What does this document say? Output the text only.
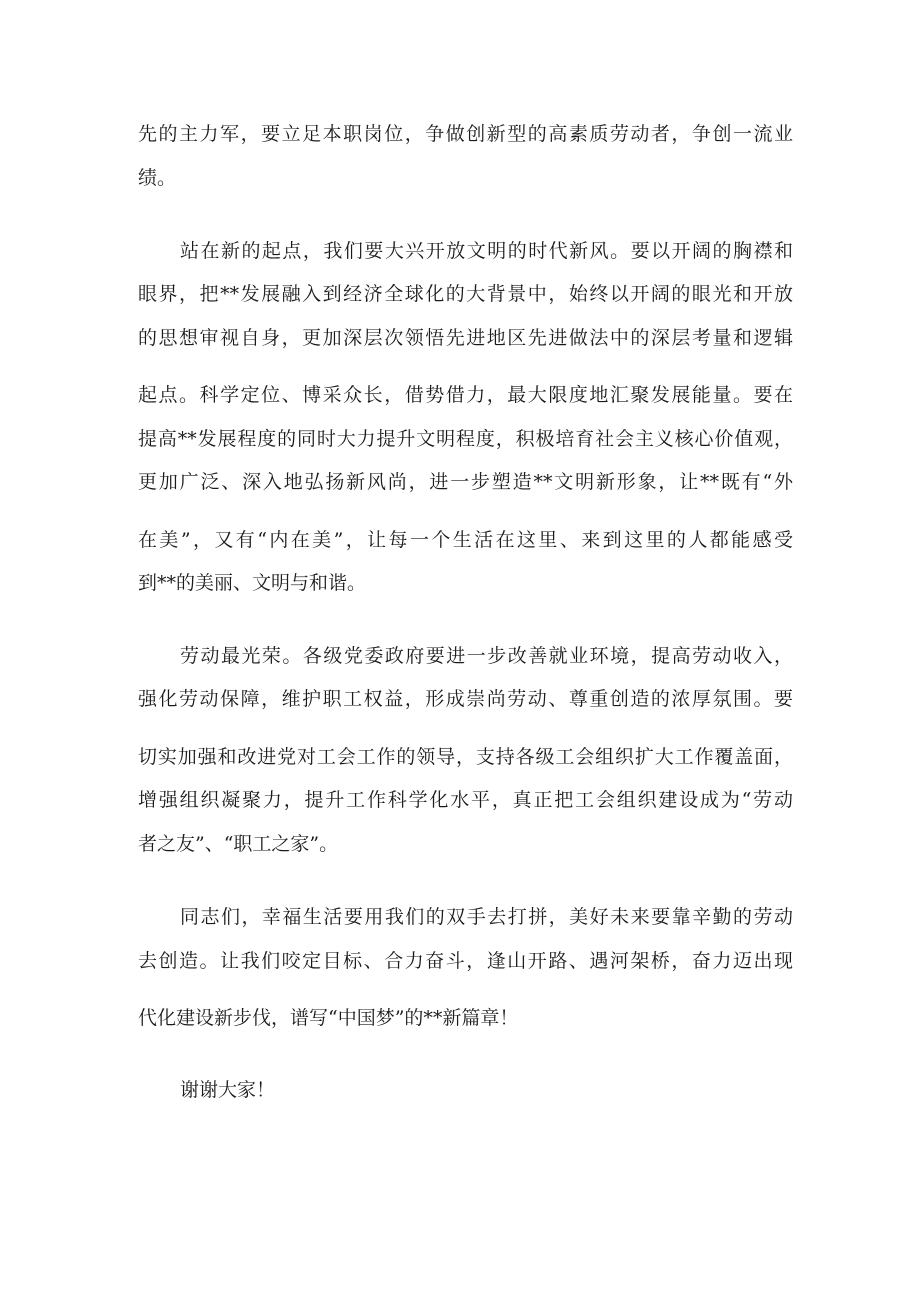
先的主力军，要立足本职岗位，争做创新型的高素质劳动者，争创一流业
绩。
站在新的起点，我们要大兴开放文明的时代新风。要以开阔的胸襟和
眼界，把**发展融入到经济全球化的大背景中，始终以开阔的眼光和开放
的思想审视自身，更加深层次领悟先进地区先进做法中的深层考量和逻辑
起点。科学定位、博采众长，借势借力，最大限度地汇聚发展能量。要在
提高**发展程度的同时大力提升文明程度，积极培育社会主义核心价值观，
更加广泛、深入地弘扬新风尚，进一步塑造**文明新形象，让**既有“外
在美”，又有“内在美”，让每一个生活在这里、来到这里的人都能感受
到**的美丽、文明与和谐。
劳动最光荣。各级党委政府要进一步改善就业环境，提高劳动收入，
强化劳动保障，维护职工权益，形成崇尚劳动、尊重创造的浓厚氛围。要
切实加强和改进党对工会工作的领导，支持各级工会组织扩大工作覆盖面，
增强组织凝聚力，提升工作科学化水平，真正把工会组织建设成为“劳动
者之友”、“职工之家”。
同志们，幸福生活要用我们的双手去打拼，美好未来要靠辛勤的劳动
去创造。让我们咬定目标、合力奋斗，逢山开路、遇河架桥，奋力迈出现
代化建设新步伐，谱写“中国梦”的**新篇章！
谢谢大家！
